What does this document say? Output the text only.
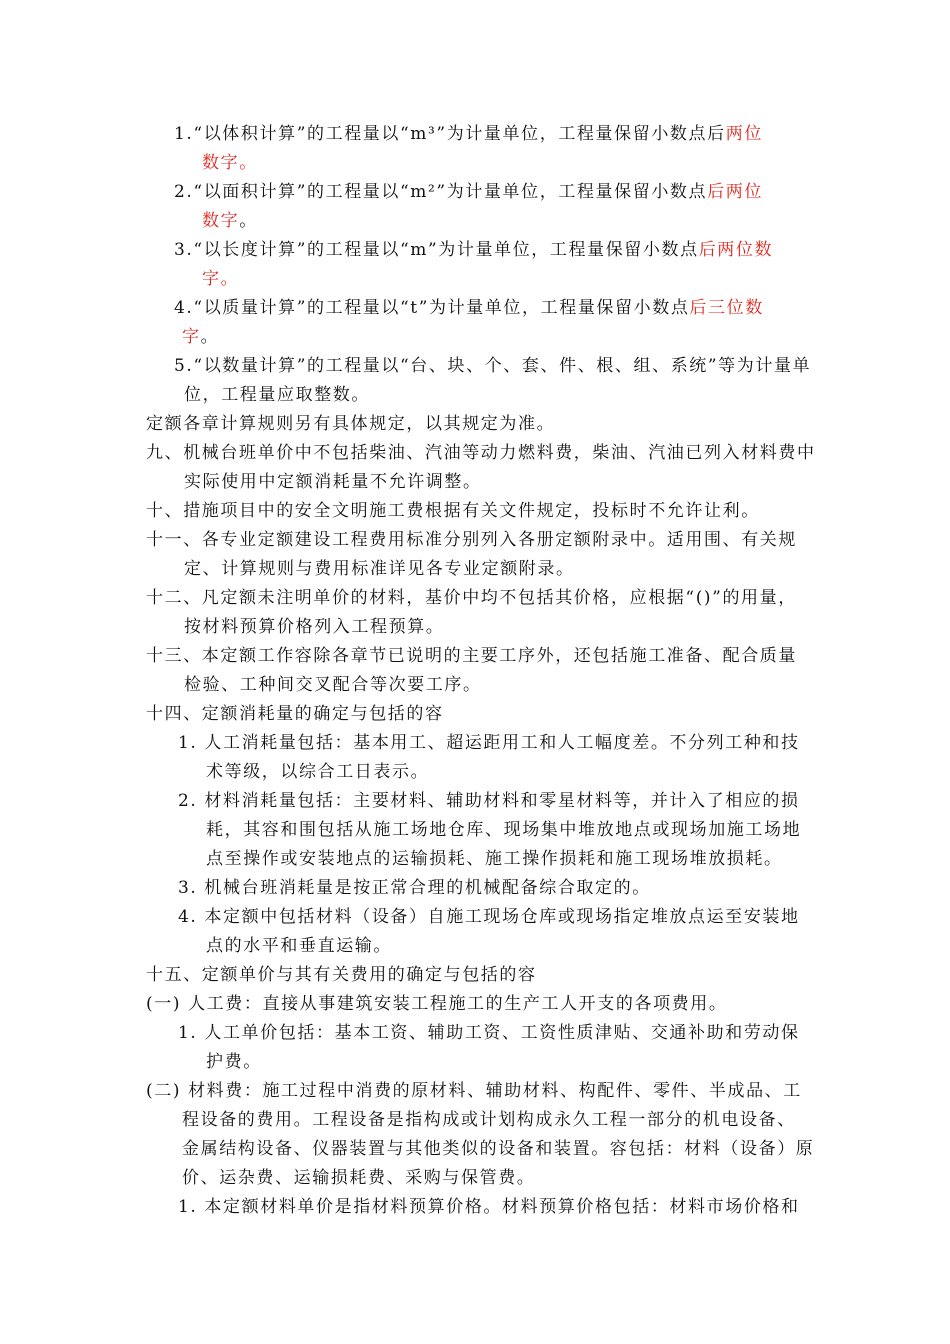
1.“以体积计算”的工程量以“m³”为计量单位，工程量保留小数点后两位
数字。
2.“以面积计算”的工程量以“m²”为计量单位，工程量保留小数点后两位
数字。
3.“以长度计算”的工程量以“m”为计量单位，工程量保留小数点后两位数
字。
4.“以质量计算”的工程量以“t”为计量单位，工程量保留小数点后三位数
字。
5.“以数量计算”的工程量以“台、块、个、套、件、根、组、系统”等为计量单
位，工程量应取整数。
定额各章计算规则另有具体规定，以其规定为准。
九、机械台班单价中不包括柴油、汽油等动力燃料费，柴油、汽油已列入材料费中
实际使用中定额消耗量不允许调整。
十、措施项目中的安全文明施工费根据有关文件规定，投标时不允许让利。
十一、各专业定额建设工程费用标准分别列入各册定额附录中。适用围、有关规
定、计算规则与费用标准详见各专业定额附录。
十二、凡定额未注明单价的材料，基价中均不包括其价格，应根据“()”的用量，
按材料预算价格列入工程预算。
十三、本定额工作容除各章节已说明的主要工序外，还包括施工准备、配合质量
检验、工种间交叉配合等次要工序。
十四、定额消耗量的确定与包括的容
1. 人工消耗量包括：基本用工、超运距用工和人工幅度差。不分列工种和技
术等级，以综合工日表示。
2. 材料消耗量包括：主要材料、辅助材料和零星材料等，并计入了相应的损
耗，其容和围包括从施工场地仓库、现场集中堆放地点或现场加施工场地
点至操作或安装地点的运输损耗、施工操作损耗和施工现场堆放损耗。
3. 机械台班消耗量是按正常合理的机械配备综合取定的。
4. 本定额中包括材料（设备）自施工现场仓库或现场指定堆放点运至安装地
点的水平和垂直运输。
十五、定额单价与其有关费用的确定与包括的容
(一) 人工费：直接从事建筑安装工程施工的生产工人开支的各项费用。
1. 人工单价包括：基本工资、辅助工资、工资性质津贴、交通补助和劳动保
护费。
(二) 材料费：施工过程中消费的原材料、辅助材料、构配件、零件、半成品、工
程设备的费用。工程设备是指构成或计划构成永久工程一部分的机电设备、
金属结构设备、仪器装置与其他类似的设备和装置。容包括：材料（设备）原
价、运杂费、运输损耗费、采购与保管费。
1. 本定额材料单价是指材料预算价格。材料预算价格包括：材料市场价格和
